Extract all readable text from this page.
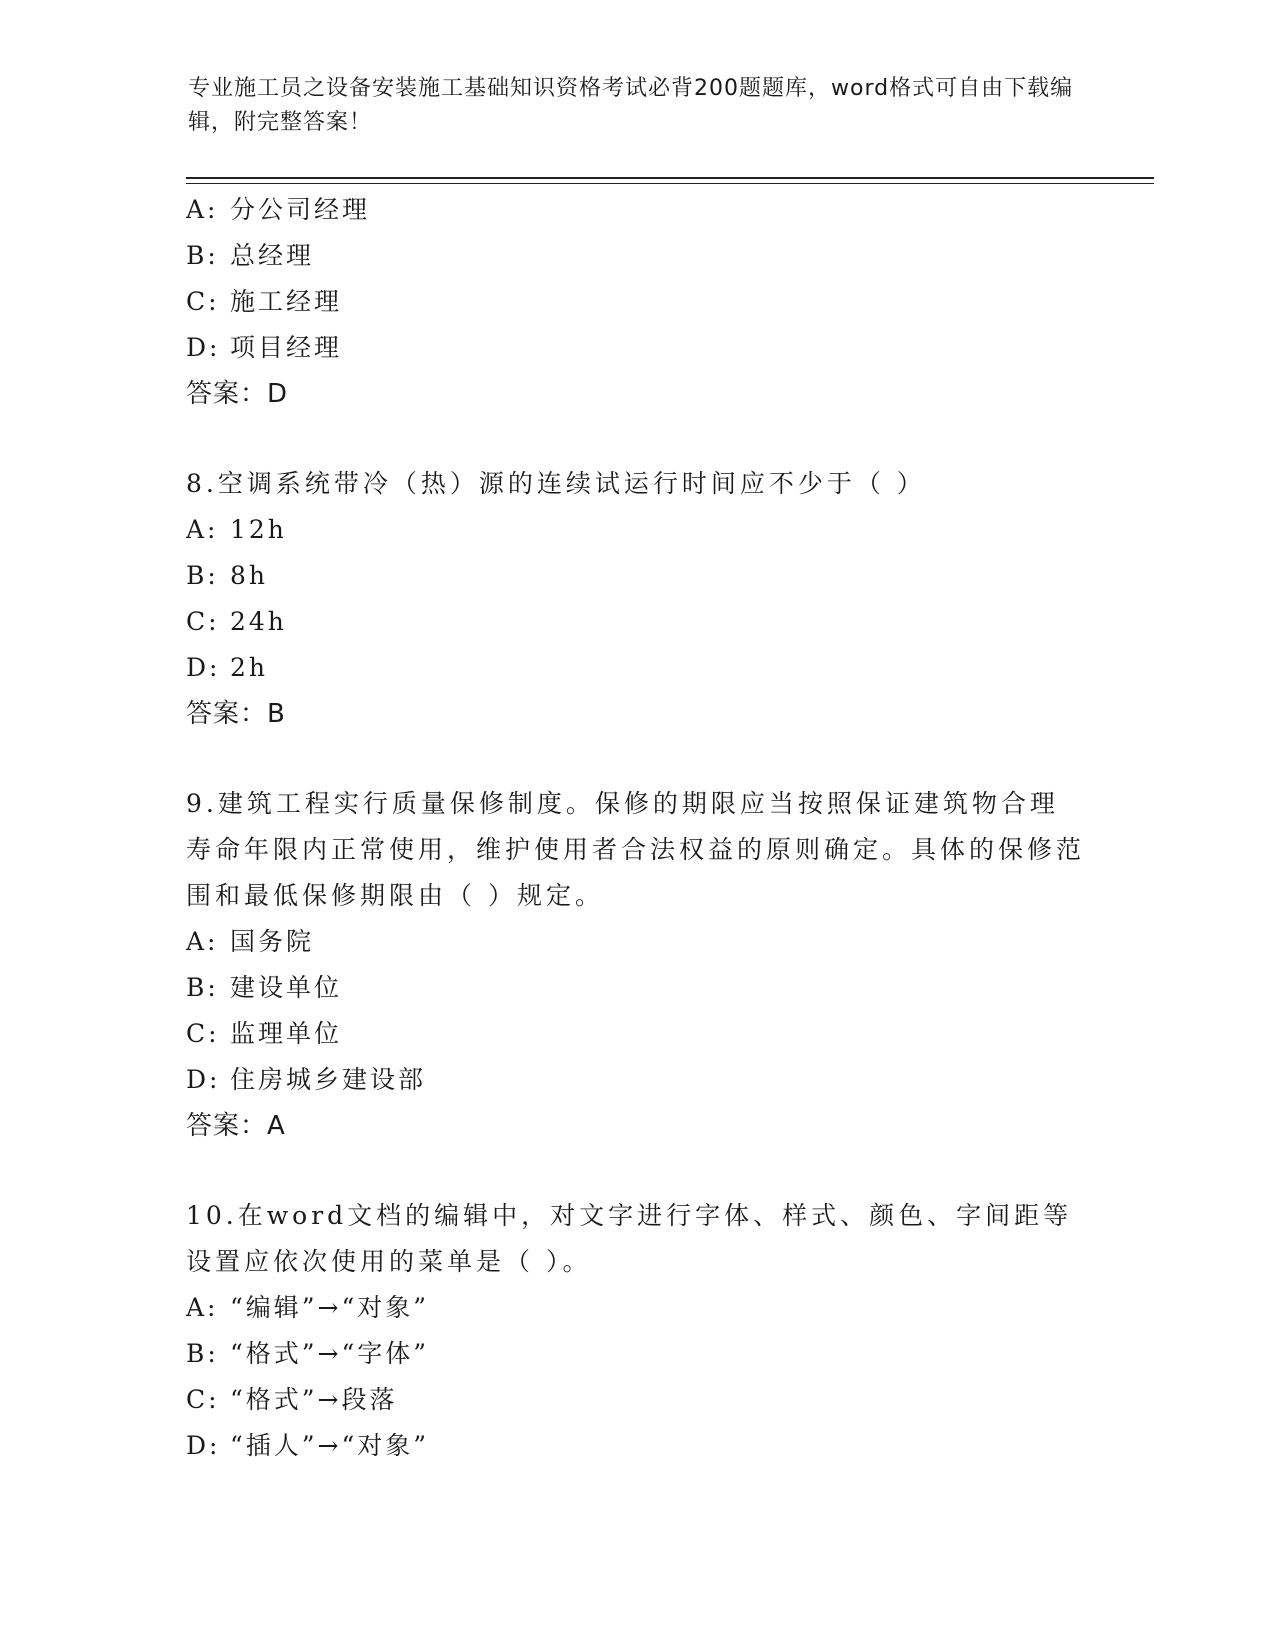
专业施工员之设备安装施工基础知识资格考试必背200题题库，word格式可自由下载编辑，附完整答案！
A: 分公司经理
B: 总经理
C: 施工经理
D: 项目经理
答案：D
8.空调系统带冷（热）源的连续试运行时间应不少于（ ）
A: 12h
B: 8h
C: 24h
D: 2h
答案：B
9.建筑工程实行质量保修制度。保修的期限应当按照保证建筑物合理寿命年限内正常使用，维护使用者合法权益的原则确定。具体的保修范围和最低保修期限由（ ）规定。
A: 国务院
B: 建设单位
C: 监理单位
D: 住房城乡建设部
答案：A
10.在word文档的编辑中，对文字进行字体、样式、颜色、字间距等设置应依次使用的菜单是（ ）。
A: “编辑”→“对象”
B: “格式”→“字体”
C: “格式”→段落
D: “插人”→“对象”
